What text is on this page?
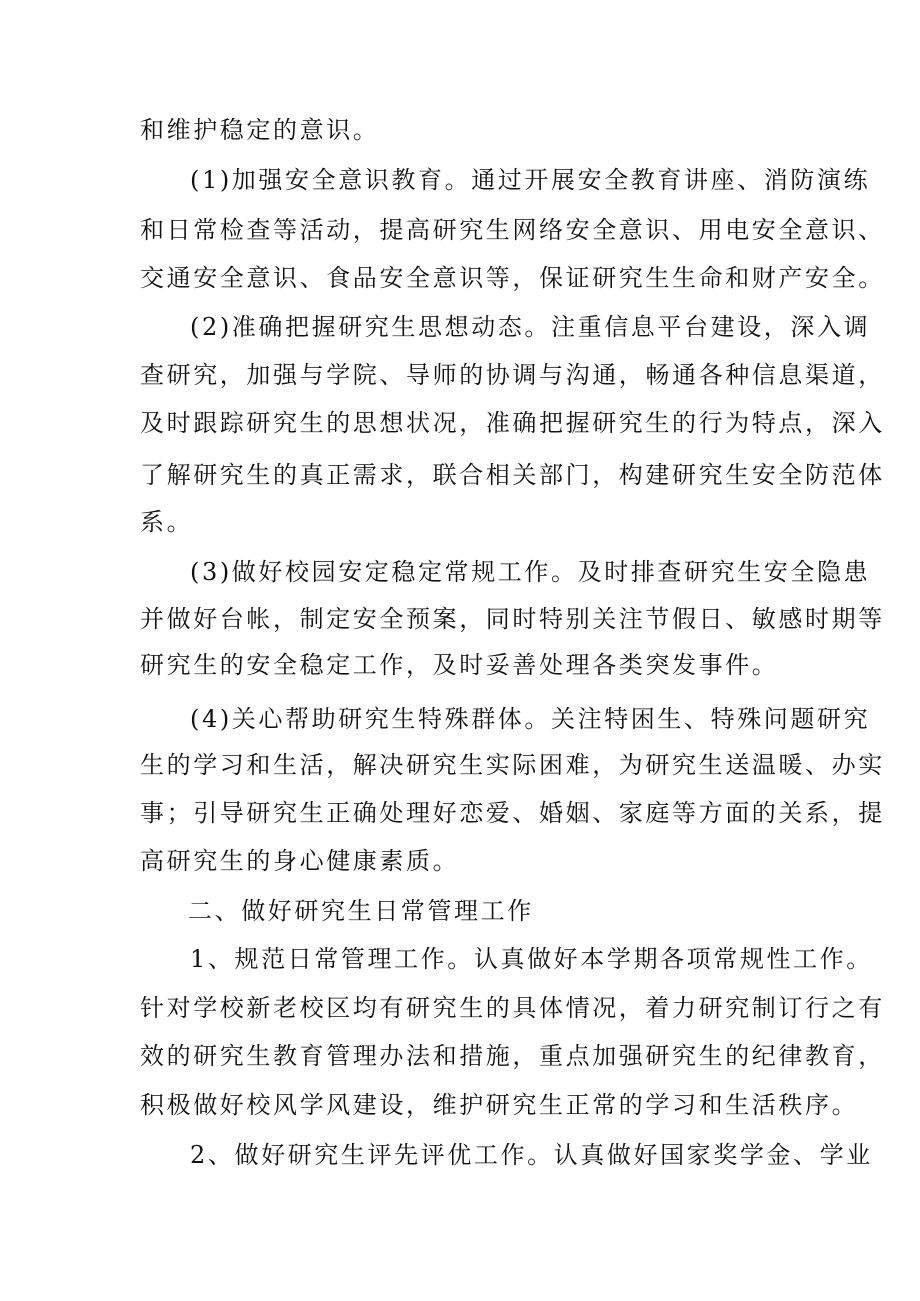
和维护稳定的意识。

(1)加强安全意识教育。通过开展安全教育讲座、消防演练

和日常检查等活动，提高研究生网络安全意识、用电安全意识、

交通安全意识、食品安全意识等，保证研究生生命和财产安全。

(2)准确把握研究生思想动态。注重信息平台建设，深入调

查研究，加强与学院、导师的协调与沟通，畅通各种信息渠道，

及时跟踪研究生的思想状况，准确把握研究生的行为特点，深入

了解研究生的真正需求，联合相关部门，构建研究生安全防范体

系。

(3)做好校园安定稳定常规工作。及时排查研究生安全隐患

并做好台帐，制定安全预案，同时特别关注节假日、敏感时期等

研究生的安全稳定工作，及时妥善处理各类突发事件。

(4)关心帮助研究生特殊群体。关注特困生、特殊问题研究

生的学习和生活，解决研究生实际困难，为研究生送温暖、办实

事；引导研究生正确处理好恋爱、婚姻、家庭等方面的关系，提

高研究生的身心健康素质。

二、做好研究生日常管理工作

1、规范日常管理工作。认真做好本学期各项常规性工作。

针对学校新老校区均有研究生的具体情况，着力研究制订行之有

效的研究生教育管理办法和措施，重点加强研究生的纪律教育，

积极做好校风学风建设，维护研究生正常的学习和生活秩序。

2、做好研究生评先评优工作。认真做好国家奖学金、学业
